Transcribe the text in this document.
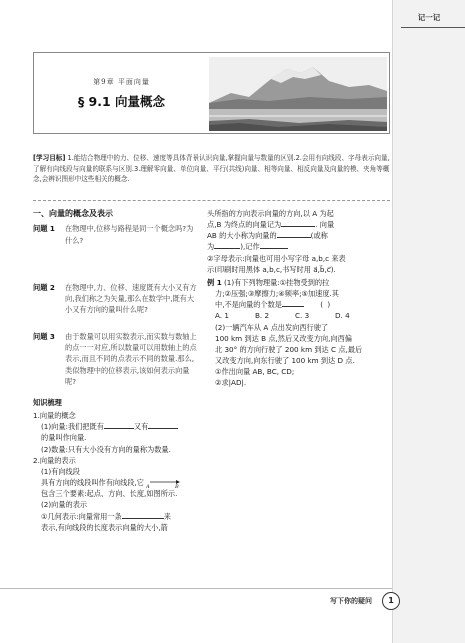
记一记
第9章 平面向量
§ 9.1 向量概念
[学习目标] 1.能结合物理中的力、位移、速度等具体背景认识向量,掌握向量与数量的区别.2.会用有向线段、字母表示向量,了解有向线段与向量的联系与区别.3.理解零向量、单位向量、平行(共线)向量、相等向量、相反向量及向量的模、夹角等概念,会辨识图形中这些相关的概念.
一、向量的概念及表示
问题 1	在物理中,位移与路程是同一个概念吗?为什么?
问题 2	在物理中,力、位移、速度既有大小又有方向,我们称之为矢量,那么在数学中,既有大小又有方向的量叫什么呢?
问题 3	由于数量可以用实数表示,而实数与数轴上的点一一对应,所以数量可以用数轴上的点表示,而且不同的点表示不同的数量.那么,类似物理中的位移表示,该如何表示向量呢?
知识梳理
1.向量的概念
(1)向量:我们把既有	又有
的量叫作向量.
(2)数量:只有大小没有方向的量称为数量.
2.向量的表示
(1)有向线段
具有方向的线段叫作有向线段,它 A	B
包含三个要素:起点、方向、长度,如图所示.
(2)向量的表示
①几何表示:向量常用一条	来
表示,有向线段的长度表示向量的大小,箭
头所指的方向表示向量的方向,以 A 为起
点,B 为终点的向量记为	. 向量
AB 的大小称为向量的	(或称
为	),记作
②字母表示:向量也可用小写字母 a,b,c 来表
示(印刷时用黑体 a,b,c,书写时用 a⃗,b⃗,c⃗).
例 1 (1)有下列物理量:①挂物受到的拉
力;②压强;③摩擦力;④频率;⑤加速度.其
中,不是向量的个数是	( )
A. 1	B. 2	C. 3	D. 4
(2)一辆汽车从 A 点出发向西行驶了
100 km 到达 B 点,然后又改变方向,向西偏
北 30° 的方向行驶了 200 km 到达 C 点,最后
又改变方向,向东行驶了 100 km 到达 D 点.
①作出向量 AB, BC, CD;
②求|AD|.
写下你的疑问	1
